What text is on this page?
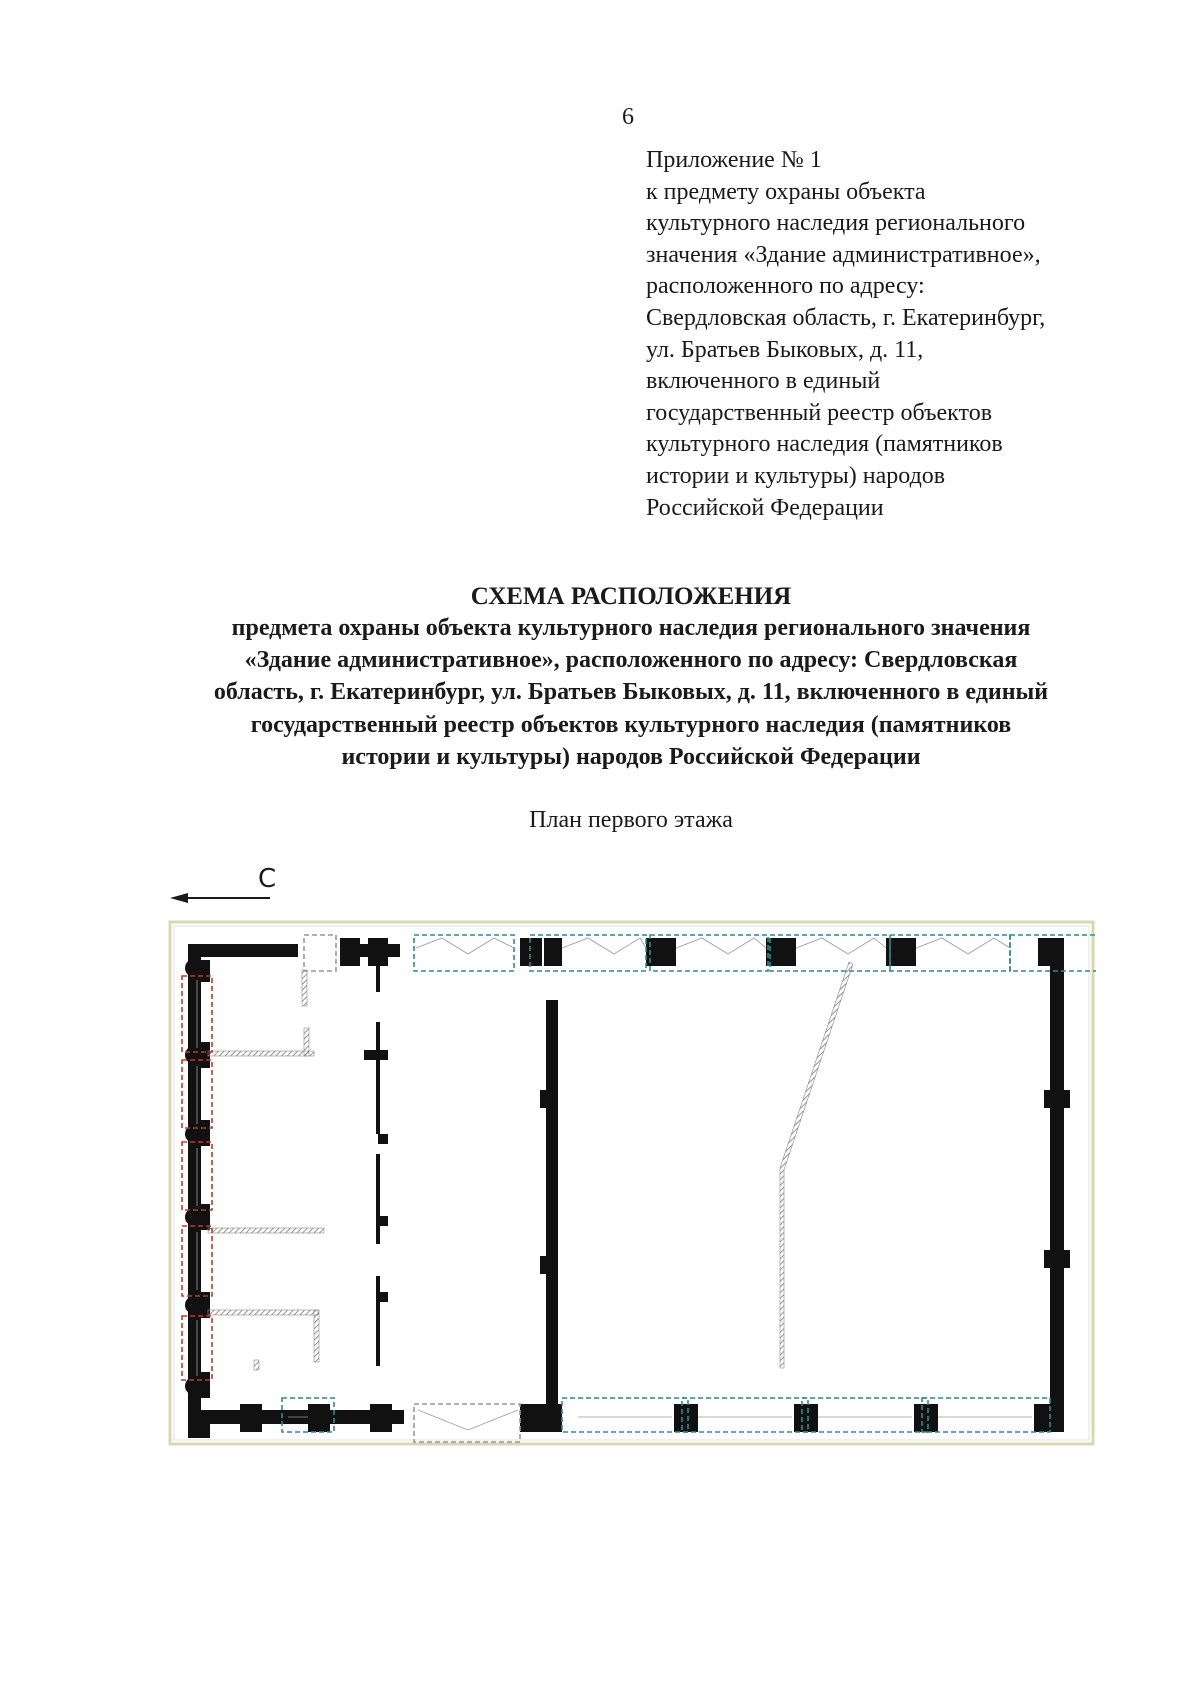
6
Приложение № 1
к предмету охраны объекта
культурного наследия регионального
значения «Здание административное»,
расположенного по адресу:
Свердловская область, г. Екатеринбург,
ул. Братьев Быковых, д. 11,
включенного в единый
государственный реестр объектов
культурного наследия (памятников
истории и культуры) народов
Российской Федерации
СХЕМА РАСПОЛОЖЕНИЯ
предмета охраны объекта культурного наследия регионального значения
«Здание административное», расположенного по адресу: Свердловская
область, г. Екатеринбург, ул. Братьев Быковых, д. 11, включенного в единый
государственный реестр объектов культурного наследия (памятников
истории и культуры) народов Российской Федерации
План первого этажа
С
